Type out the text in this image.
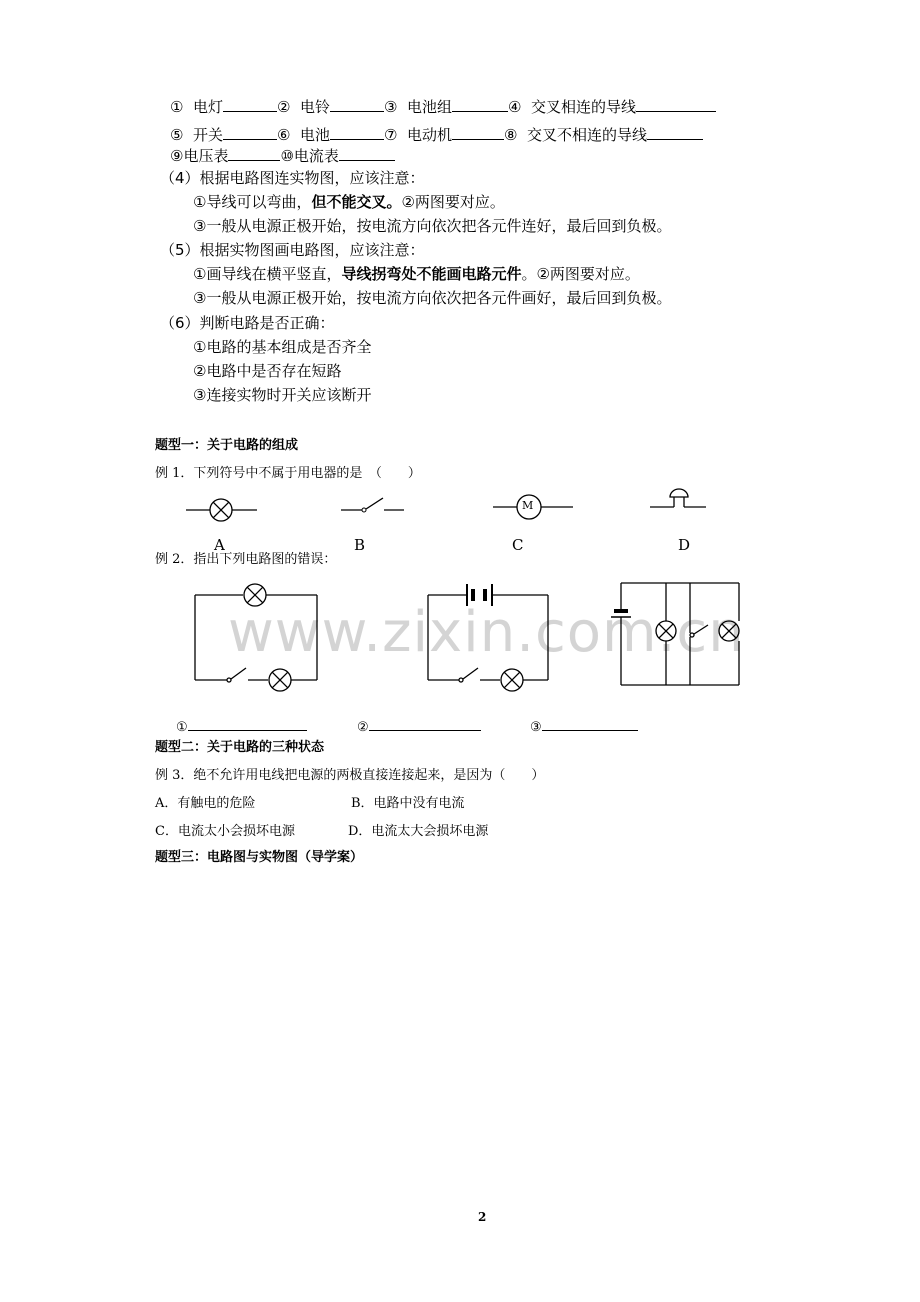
www.zixin.com.cn
① 电灯	② 电铃	③ 电池组	④ 交叉相连的导线
⑤ 开关	⑥ 电池	⑦ 电动机	⑧ 交叉不相连的导线
⑨电压表	⑩电流表
（4）根据电路图连实物图，应该注意：
①导线可以弯曲，但不能交叉。②两图要对应。
③一般从电源正极开始，按电流方向依次把各元件连好，最后回到负极。
（5）根据实物图画电路图，应该注意：
①画导线在横平竖直，导线拐弯处不能画电路元件。②两图要对应。
③一般从电源正极开始，按电流方向依次把各元件画好，最后回到负极。
（6）判断电路是否正确：
①电路的基本组成是否齐全
②电路中是否存在短路
③连接实物时开关应该断开
题型一：关于电路的组成
例 1．下列符号中不属于用电器的是　（　　）
M
A	B	C	D
例 2．指出下列电路图的错误：
①	②	③
题型二：关于电路的三种状态
例 3．绝不允许用电线把电源的两极直接连接起来，是因为（　　）
A．有触电的危险	B．电路中没有电流
C．电流太小会损坏电源	D．电流太大会损坏电源
题型三：电路图与实物图（导学案）
2
